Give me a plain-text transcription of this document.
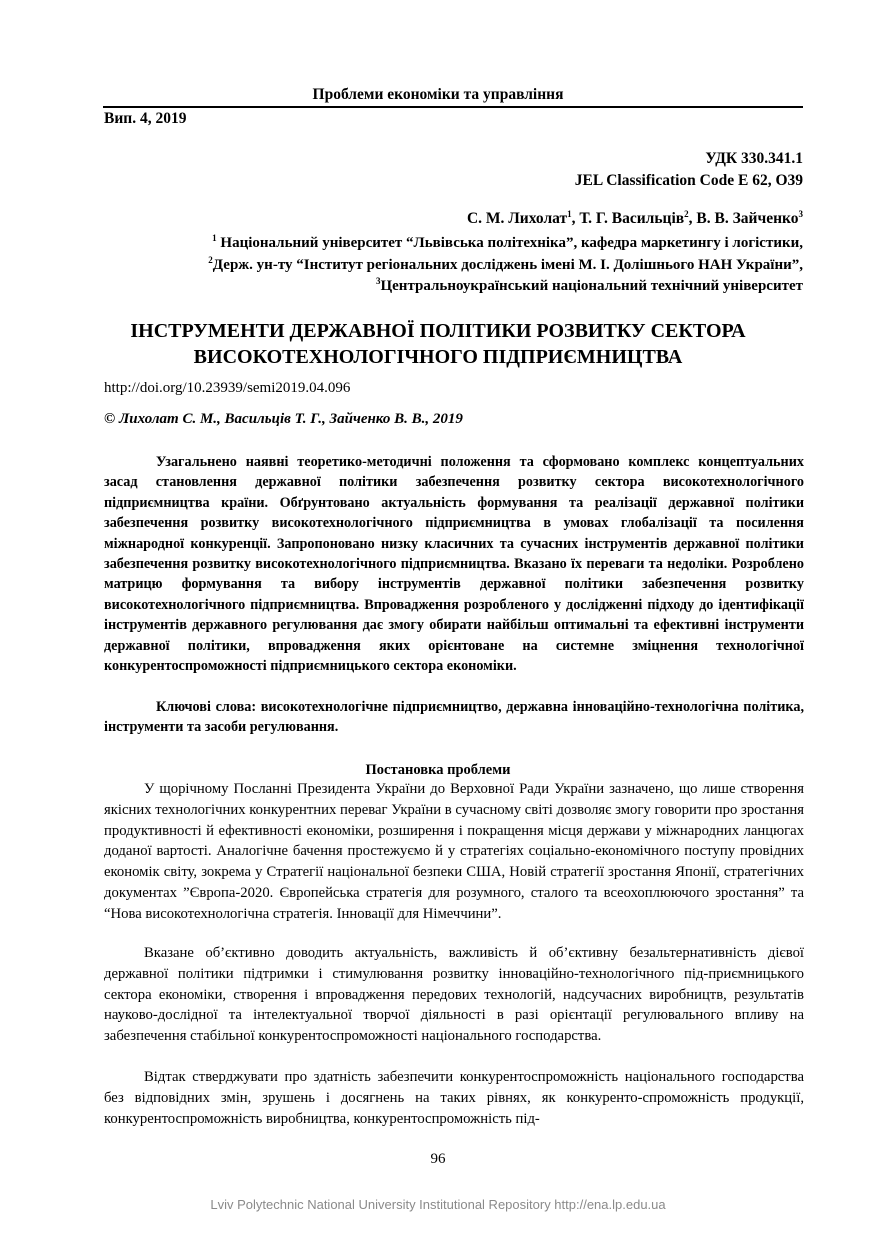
Проблеми економіки та управління
Вип. 4, 2019
УДК 330.341.1
JEL Classification Code E 62, O39
С. М. Лихолат$^1$, Т. Г. Васильців$^2$, В. В. Зайченко$^3$
$^1$ Національний університет “Львівська політехніка”, кафедра маркетингу і логістики,
$^2$Держ. ун-ту “Інститут регіональних досліджень імені М. І. Долішнього НАН України”,
$^3$Центральноукраїнський національний технічний університет
ІНСТРУМЕНТИ ДЕРЖАВНОЇ ПОЛІТИКИ РОЗВИТКУ СЕКТОРА
ВИСОКОТЕХНОЛОГІЧНОГО ПІДПРИЄМНИЦТВА
http://doi.org/10.23939/semi2019.04.096
© Лихолат С. М., Васильців Т. Г., Зайченко В. В., 2019
Узагальнено наявні теоретико-методичні положення та сформовано комплекс концептуальних засад становлення державної політики забезпечення розвитку сектора високотехнологічного підприємництва країни. Обґрунтовано актуальність формування та реалізації державної політики забезпечення розвитку високотехнологічного підприємництва в умовах глобалізації та посилення міжнародної конкуренції. Запропоновано низку класичних та сучасних інструментів державної політики забезпечення розвитку високотехнологічного підприємництва. Вказано їх переваги та недоліки. Розроблено матрицю формування та вибору інструментів державної політики забезпечення розвитку високотехнологічного підприємництва. Впровадження розробленого у дослідженні підходу до ідентифікації інструментів державного регулювання дає змогу обирати найбільш оптимальні та ефективні інструменти державної політики, впровадження яких орієнтоване на системне зміцнення технологічної конкурентоспроможності підприємницького сектора економіки.
Ключові слова: високотехнологічне підприємництво, державна інноваційно-технологічна політика, інструменти та засоби регулювання.
Постановка проблеми
У щорічному Посланні Президента України до Верховної Ради України зазначено, що лише створення якісних технологічних конкурентних переваг України в сучасному світі дозволяє змогу говорити про зростання продуктивності й ефективності економіки, розширення і покращення місця держави у міжнародних ланцюгах доданої вартості. Аналогічне бачення простежуємо й у стратегіях соціально-економічного поступу провідних економік світу, зокрема у Стратегії національної безпеки США, Новій стратегії зростання Японії, стратегічних документах ”Європа-2020. Європейська стратегія для розумного, сталого та всеохоплюючого зростання” та “Нова високотехнологічна стратегія. Інновації для Німеччини”.
Вказане об’єктивно доводить актуальність, важливість й об’єктивну безальтернативність дієвої державної політики підтримки і стимулювання розвитку інноваційно-технологічного під-приємницького сектора економіки, створення і впровадження передових технологій, надсучасних виробництв, результатів науково-дослідної та інтелектуальної творчої діяльності в разі орієнтації регулювального впливу на забезпечення стабільної конкурентоспроможності національного господарства.
Відтак стверджувати про здатність забезпечити конкурентоспроможність національного господарства без відповідних змін, зрушень і досягнень на таких рівнях, як конкуренто-спроможність продукції, конкурентоспроможність виробництва, конкурентоспроможність під-
96
Lviv Polytechnic National University Institutional Repository http://ena.lp.edu.ua
